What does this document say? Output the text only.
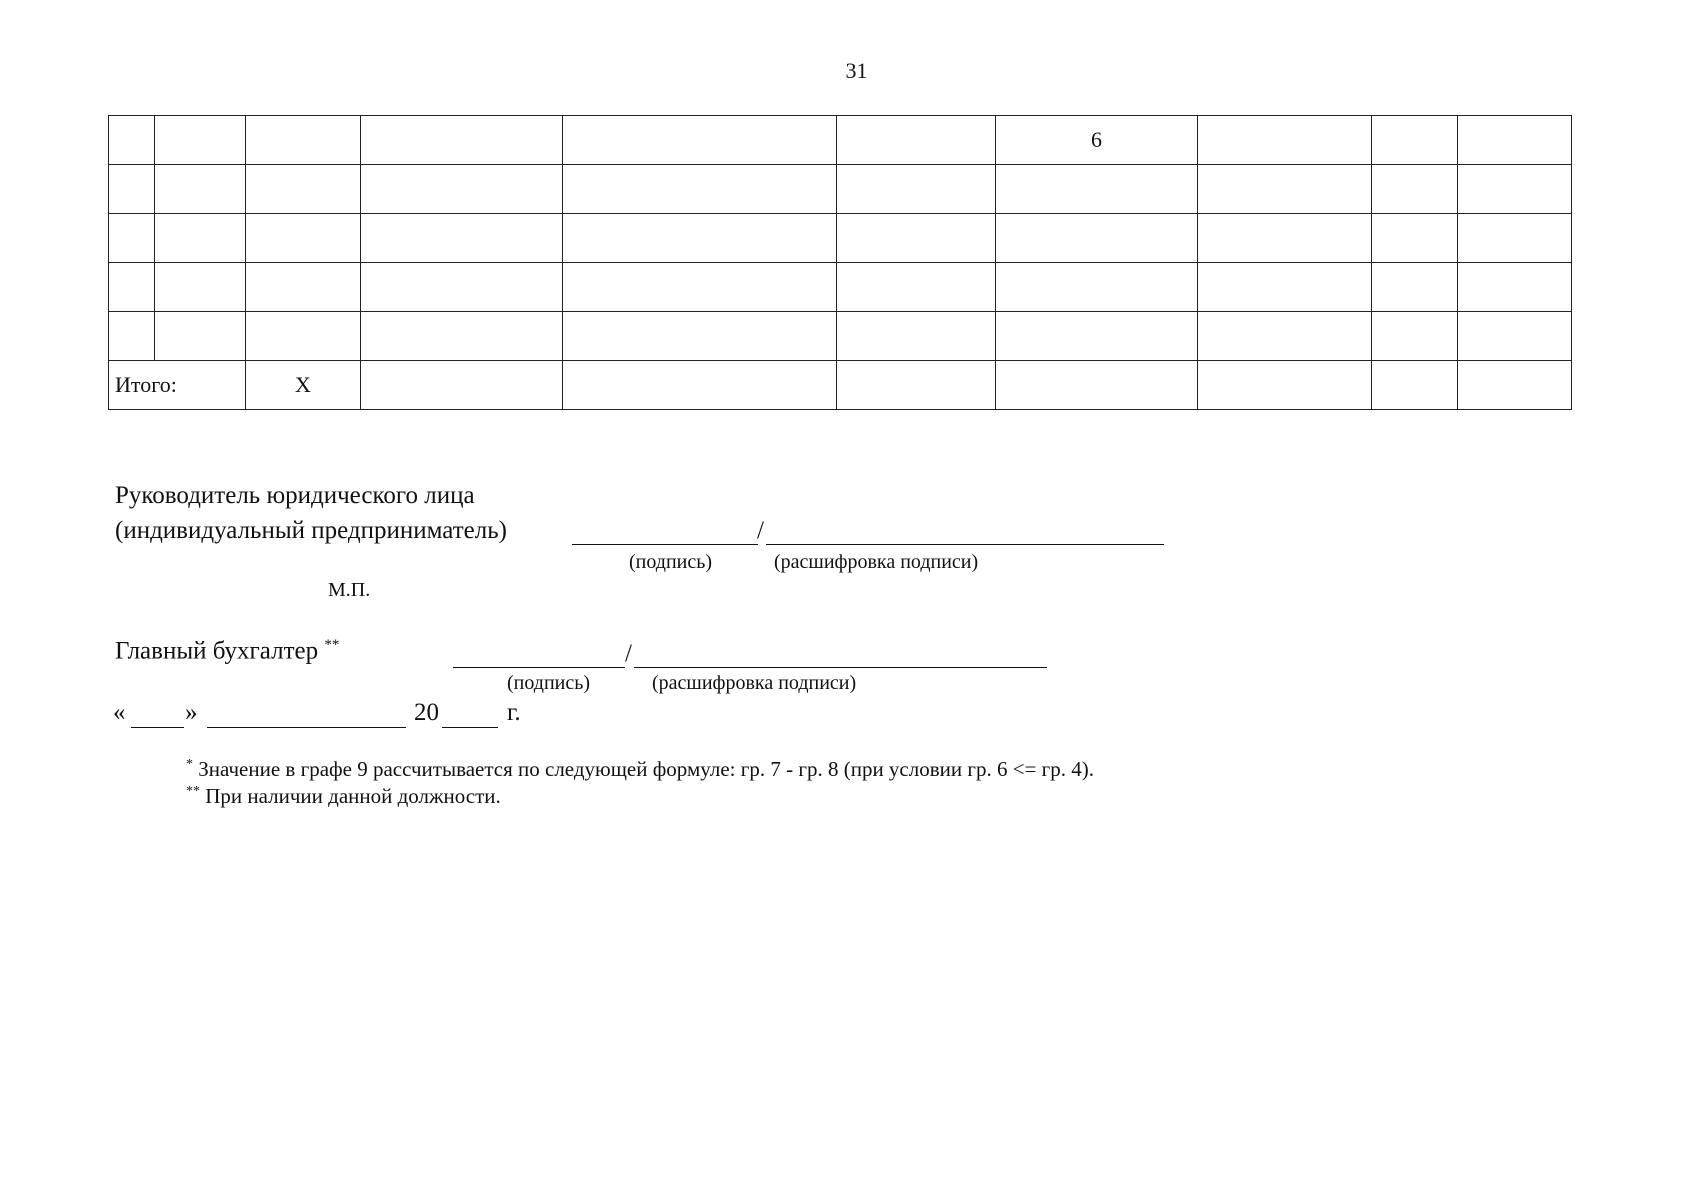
31
						6			

Итого:		Х							
Руководитель юридического лица
(индивидуальный предприниматель)	/
(подпись)	(расшифровка подписи)
М.П.
Главный бухгалтер **	/
(подпись)	(расшифровка подписи)
« »	20	г.
* Значение в графе 9 рассчитывается по следующей формуле: гр. 7 - гр. 8 (при условии гр. 6 <= гр. 4).
** При наличии данной должности.
